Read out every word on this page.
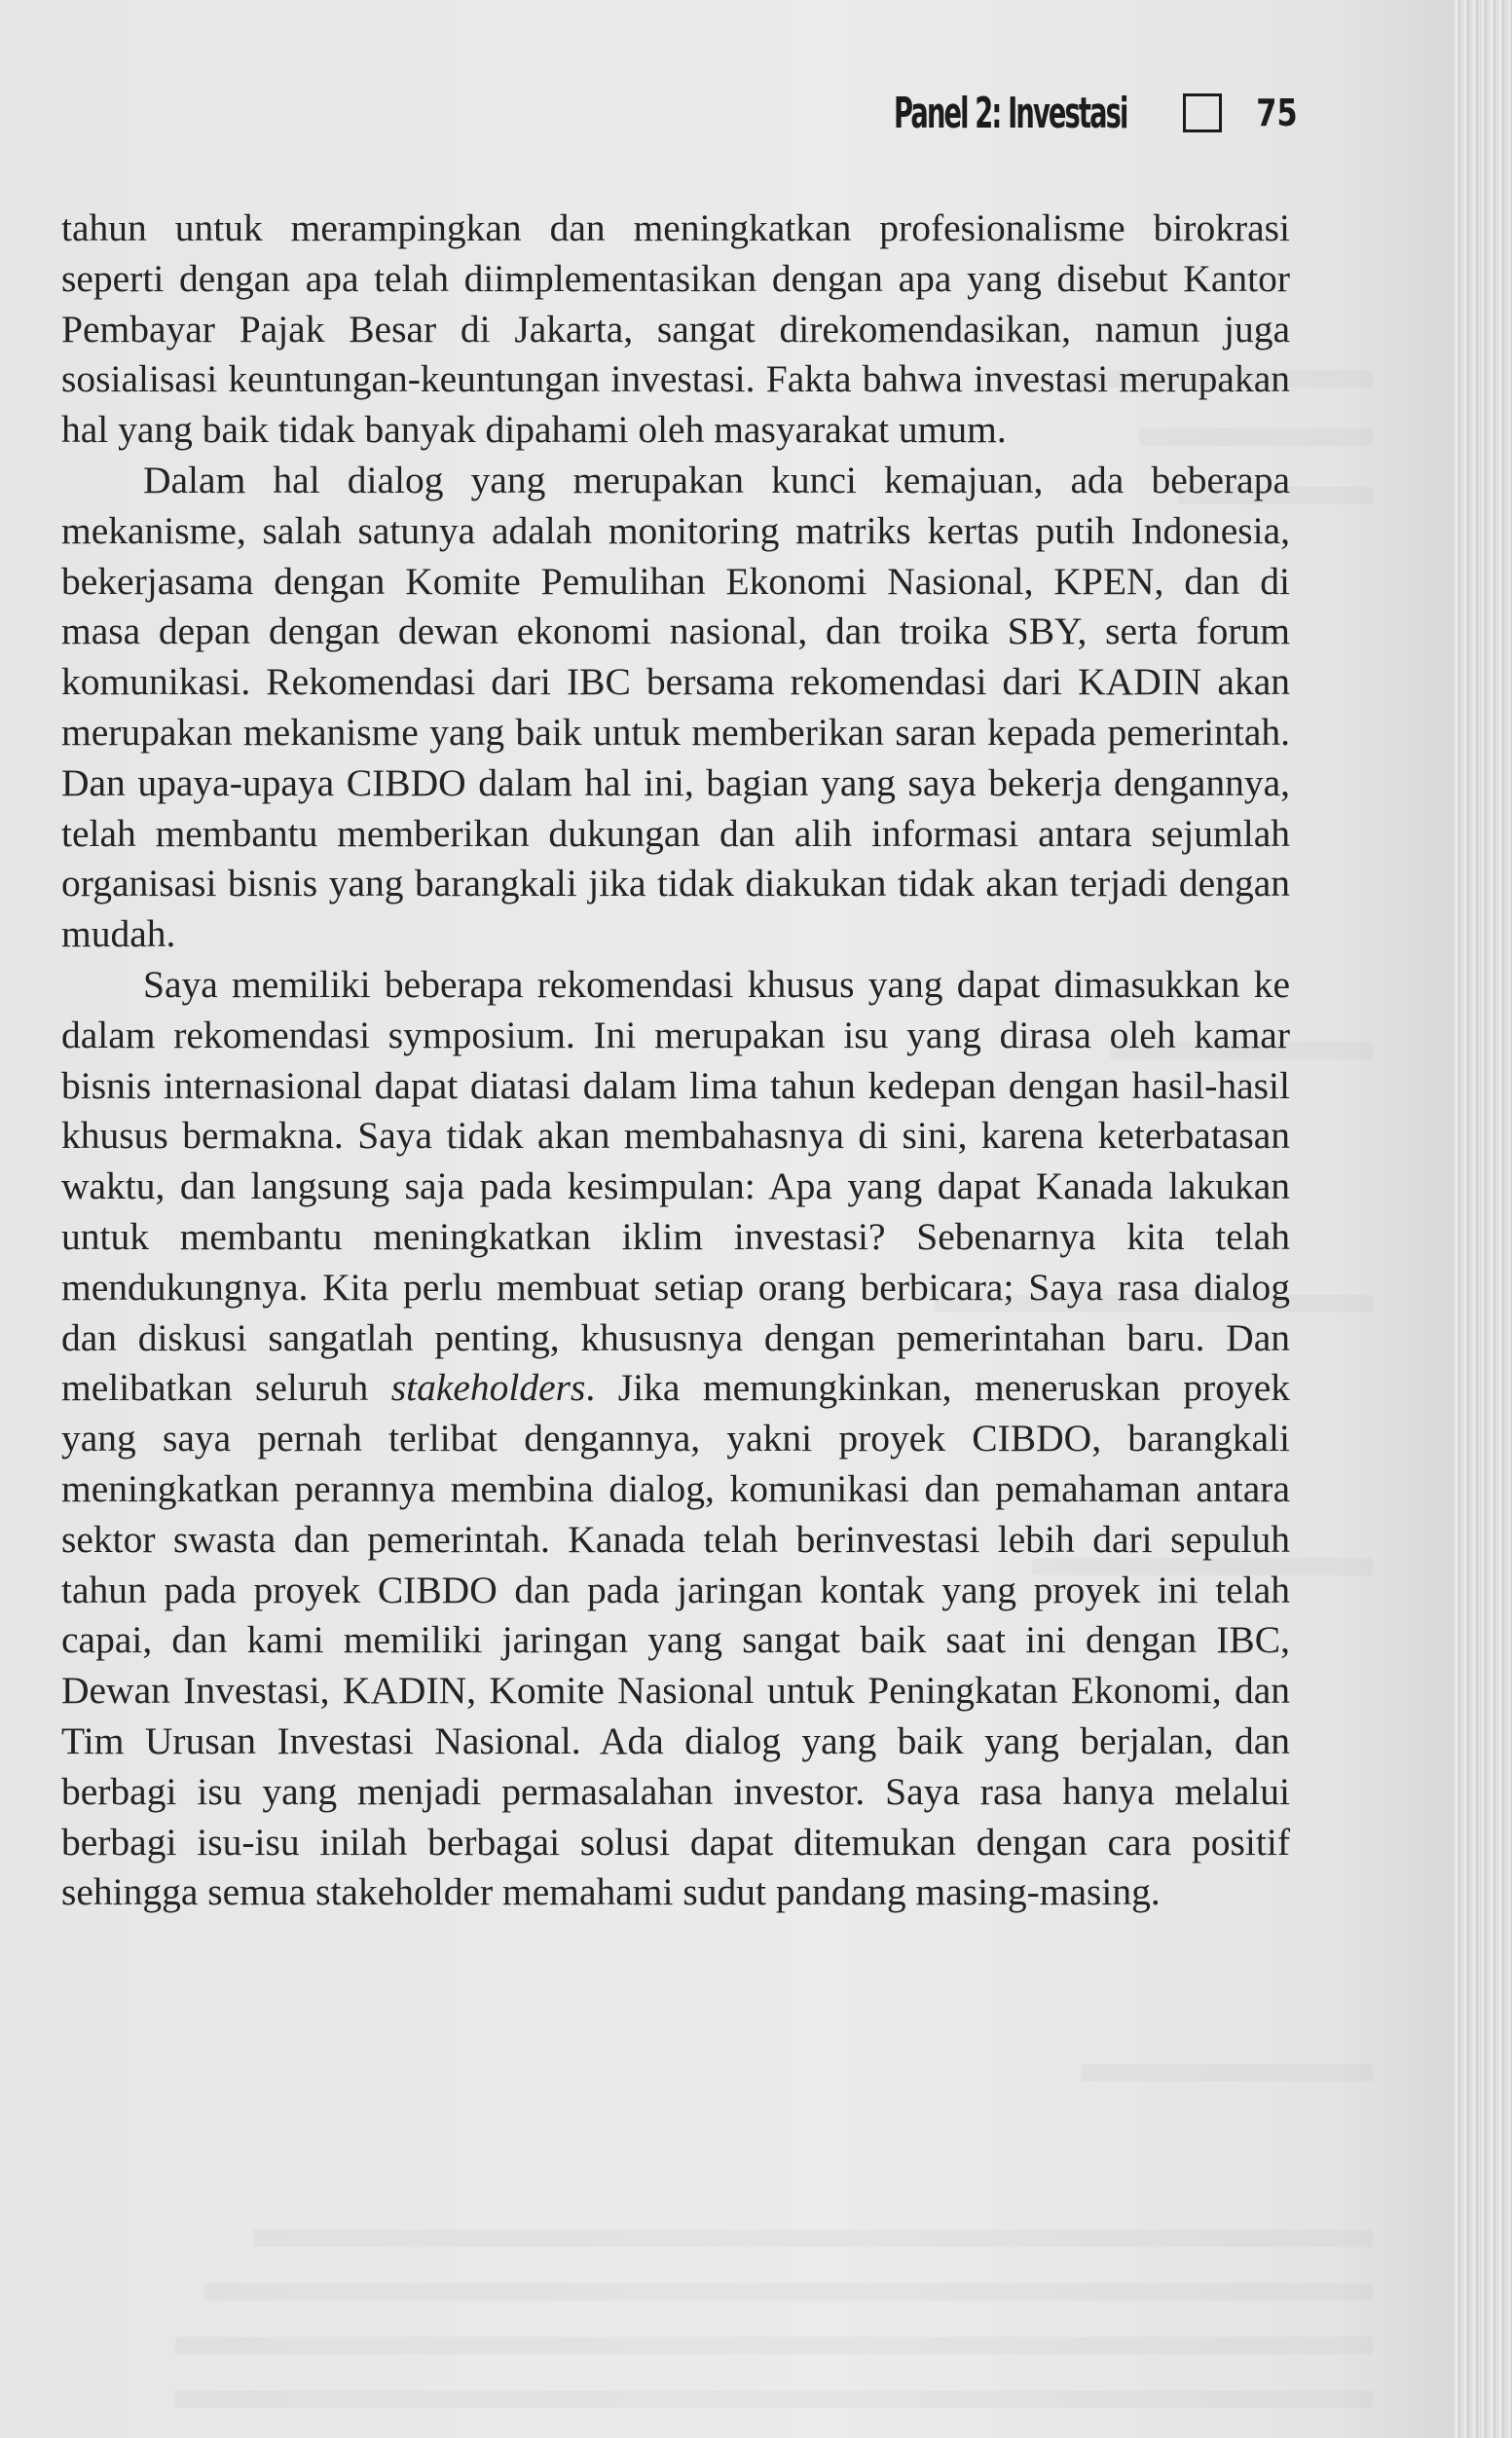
Panel 2: Investasi	75

tahun untuk merampingkan dan meningkatkan profesionalisme birokrasi seperti dengan apa telah diimplementasikan dengan apa yang disebut Kantor Pembayar Pajak Besar di Jakarta, sangat direkomendasikan, namun juga sosialisasi keuntungan-keuntungan investasi. Fakta bahwa investasi merupakan hal yang baik tidak banyak dipahami oleh masyarakat umum.

Dalam hal dialog yang merupakan kunci kemajuan, ada beberapa mekanisme, salah satunya adalah monitoring matriks kertas putih Indonesia, bekerjasama dengan Komite Pemulihan Ekonomi Nasional, KPEN, dan di masa depan dengan dewan ekonomi nasional, dan troika SBY, serta forum komunikasi. Rekomendasi dari IBC bersama rekomendasi dari KADIN akan merupakan mekanisme yang baik untuk memberikan saran kepada pemerintah. Dan upaya-upaya CIBDO dalam hal ini, bagian yang saya bekerja dengannya, telah membantu memberikan dukungan dan alih informasi antara sejumlah organisasi bisnis yang barangkali jika tidak diakukan tidak akan terjadi dengan mudah.

Saya memiliki beberapa rekomendasi khusus yang dapat dimasukkan ke dalam rekomendasi symposium. Ini merupakan isu yang dirasa oleh kamar bisnis internasional dapat diatasi dalam lima tahun kedepan dengan hasil-hasil khusus bermakna. Saya tidak akan membahasnya di sini, karena keterbatasan waktu, dan langsung saja pada kesimpulan: Apa yang dapat Kanada lakukan untuk membantu meningkatkan iklim investasi? Sebenarnya kita telah mendukungnya. Kita perlu membuat setiap orang berbicara; Saya rasa dialog dan diskusi sangatlah penting, khususnya dengan pemerintahan baru. Dan melibatkan seluruh stakeholders. Jika memungkinkan, meneruskan proyek yang saya pernah terlibat dengannya, yakni proyek CIBDO, barangkali meningkatkan perannya membina dialog, komunikasi dan pemahaman antara sektor swasta dan pemerintah. Kanada telah berinvestasi lebih dari sepuluh tahun pada proyek CIBDO dan pada jaringan kontak yang proyek ini telah capai, dan kami memiliki jaringan yang sangat baik saat ini dengan IBC, Dewan Investasi, KADIN, Komite Nasional untuk Peningkatan Ekonomi, dan Tim Urusan Investasi Nasional. Ada dialog yang baik yang berjalan, dan berbagi isu yang menjadi permasalahan investor. Saya rasa hanya melalui berbagi isu-isu inilah berbagai solusi dapat ditemukan dengan cara positif sehingga semua stakeholder memahami sudut pandang masing-masing.
